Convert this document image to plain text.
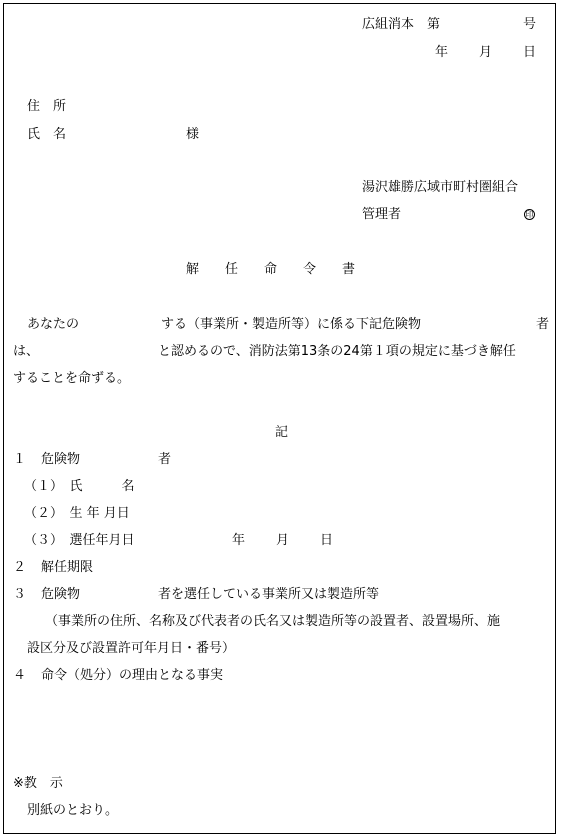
広組消本　第	号
年 月 日
住　所
氏　名	様
湯沢雄勝広域市町村圏組合
管理者	印
解　　任　　命　　令　　書
あなたの	する（事業所・製造所等）に係る下記危険物	者
は、	と認めるので、消防法第13条の24第１項の規定に基づき解任
することを命ずる。
記
１ 危険物	者
（１）　氏　　　名
（２）　生 年 月日
（３）　選任年月日	年 月 日
２ 解任期限
３ 危険物	者を選任している事業所又は製造所等
（事業所の住所、名称及び代表者の氏名又は製造所等の設置者、設置場所、施
設区分及び設置許可年月日・番号）
４ 命令（処分）の理由となる事実
※教　示
別紙のとおり。
